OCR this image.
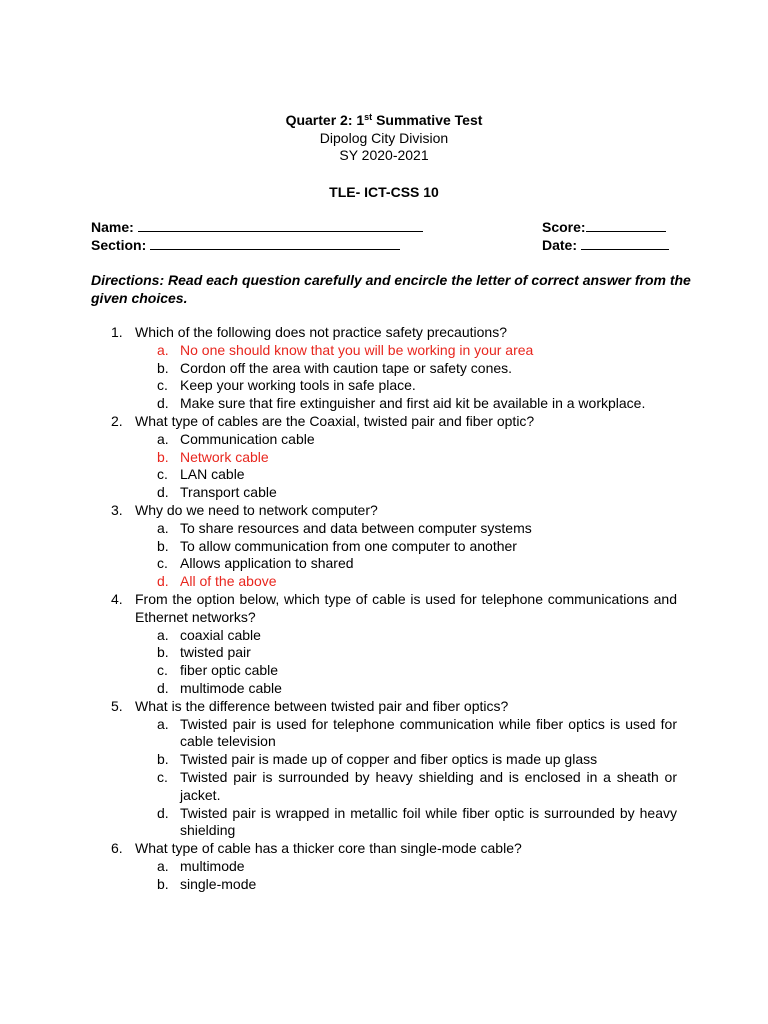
Quarter 2: 1st Summative Test
Dipolog City Division
SY 2020-2021
TLE- ICT-CSS 10
Name:
Section:
Score:
Date:
Directions: Read each question carefully and encircle the letter of correct answer from the given choices.
1. Which of the following does not practice safety precautions?
a. No one should know that you will be working in your area
b. Cordon off the area with caution tape or safety cones.
c. Keep your working tools in safe place.
d. Make sure that fire extinguisher and first aid kit be available in a workplace.
2. What type of cables are the Coaxial, twisted pair and fiber optic?
a. Communication cable
b. Network cable
c. LAN cable
d. Transport cable
3. Why do we need to network computer?
a. To share resources and data between computer systems
b. To allow communication from one computer to another
c. Allows application to shared
d. All of the above
4. From the option below, which type of cable is used for telephone communications and Ethernet networks?
a. coaxial cable
b. twisted pair
c. fiber optic cable
d. multimode cable
5. What is the difference between twisted pair and fiber optics?
a. Twisted pair is used for telephone communication while fiber optics is used for cable television
b. Twisted pair is made up of copper and fiber optics is made up glass
c. Twisted pair is surrounded by heavy shielding and is enclosed in a sheath or jacket.
d. Twisted pair is wrapped in metallic foil while fiber optic is surrounded by heavy shielding
6. What type of cable has a thicker core than single-mode cable?
a. multimode
b. single-mode
